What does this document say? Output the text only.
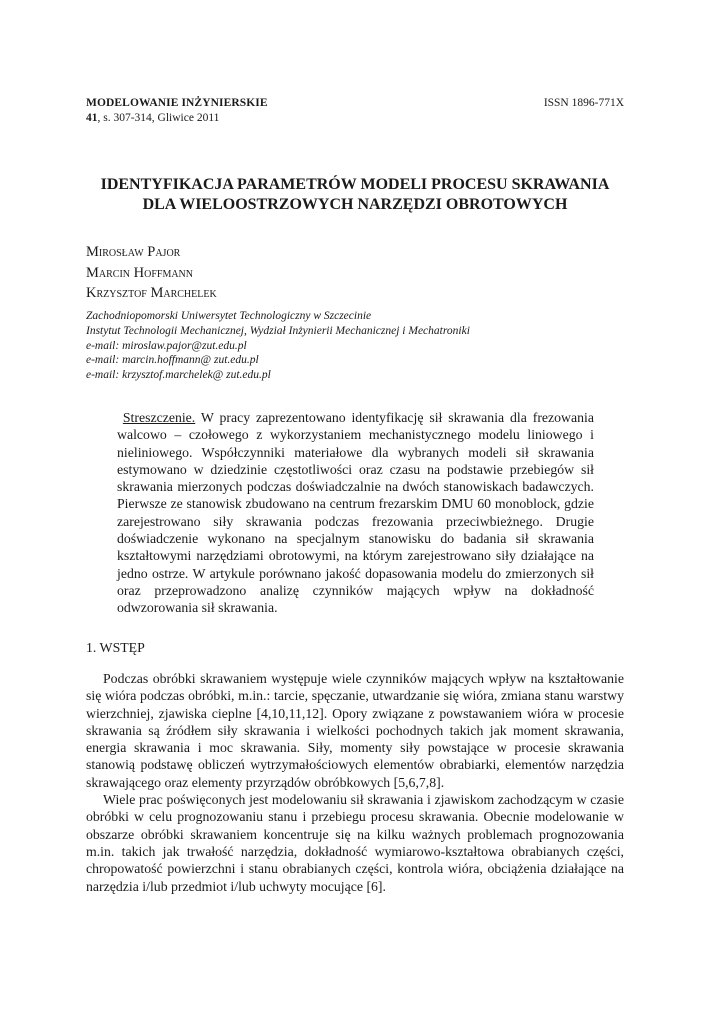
MODELOWANIE INŻYNIERSKIE
41, s. 307-314, Gliwice 2011
ISSN 1896-771X
IDENTYFIKACJA PARAMETRÓW MODELI PROCESU SKRAWANIA
DLA WIELOOSTRZOWYCH NARZĘDZI OBROTOWYCH
Mirosław Pajor
Marcin Hoffmann
Krzysztof Marchelek
Zachodniopomorski Uniwersytet Technologiczny w Szczecinie
Instytut Technologii Mechanicznej, Wydział Inżynierii Mechanicznej i Mechatroniki
e-mail: miroslaw.pajor@zut.edu.pl
e-mail: marcin.hoffmann@ zut.edu.pl
e-mail: krzysztof.marchelek@ zut.edu.pl
Streszczenie. W pracy zaprezentowano identyfikację sił skrawania dla frezowania walcowo – czołowego z wykorzystaniem mechanistycznego modelu liniowego i nieliniowego. Współczynniki materiałowe dla wybranych modeli sił skrawania estymowano w dziedzinie częstotliwości oraz czasu na podstawie przebiegów sił skrawania mierzonych podczas doświadczalnie na dwóch stanowiskach badawczych. Pierwsze ze stanowisk zbudowano na centrum frezarskim DMU 60 monoblock, gdzie zarejestrowano siły skrawania podczas frezowania przeciwbieżnego. Drugie doświadczenie wykonano na specjalnym stanowisku do badania sił skrawania kształtowymi narzędziami obrotowymi, na którym zarejestrowano siły działające na jedno ostrze. W artykule porównano jakość dopasowania modelu do zmierzonych sił oraz przeprowadzono analizę czynników mających wpływ na dokładność odwzorowania sił skrawania.
1. WSTĘP

Podczas obróbki skrawaniem występuje wiele czynników mających wpływ na kształtowanie się wióra podczas obróbki, m.in.: tarcie, spęczanie, utwardzanie się wióra, zmiana stanu warstwy wierzchniej, zjawiska cieplne [4,10,11,12]. Opory związane z powstawaniem wióra w procesie skrawania są źródłem siły skrawania i wielkości pochodnych takich jak moment skrawania, energia skrawania i moc skrawania. Siły, momenty siły powstające w procesie skrawania stanowią podstawę obliczeń wytrzymałościowych elementów obrabiarki, elementów narzędzia skrawającego oraz elementy przyrządów obróbkowych [5,6,7,8].

Wiele prac poświęconych jest modelowaniu sił skrawania i zjawiskom zachodzącym w czasie obróbki w celu prognozowaniu stanu i przebiegu procesu skrawania. Obecnie modelowanie w obszarze obróbki skrawaniem koncentruje się na kilku ważnych problemach prognozowania m.in. takich jak trwałość narzędzia, dokładność wymiarowo-kształtowa obrabianych części, chropowatość powierzchni i stanu obrabianych części, kontrola wióra, obciążenia działające na narzędzia i/lub przedmiot i/lub uchwyty mocujące [6].
